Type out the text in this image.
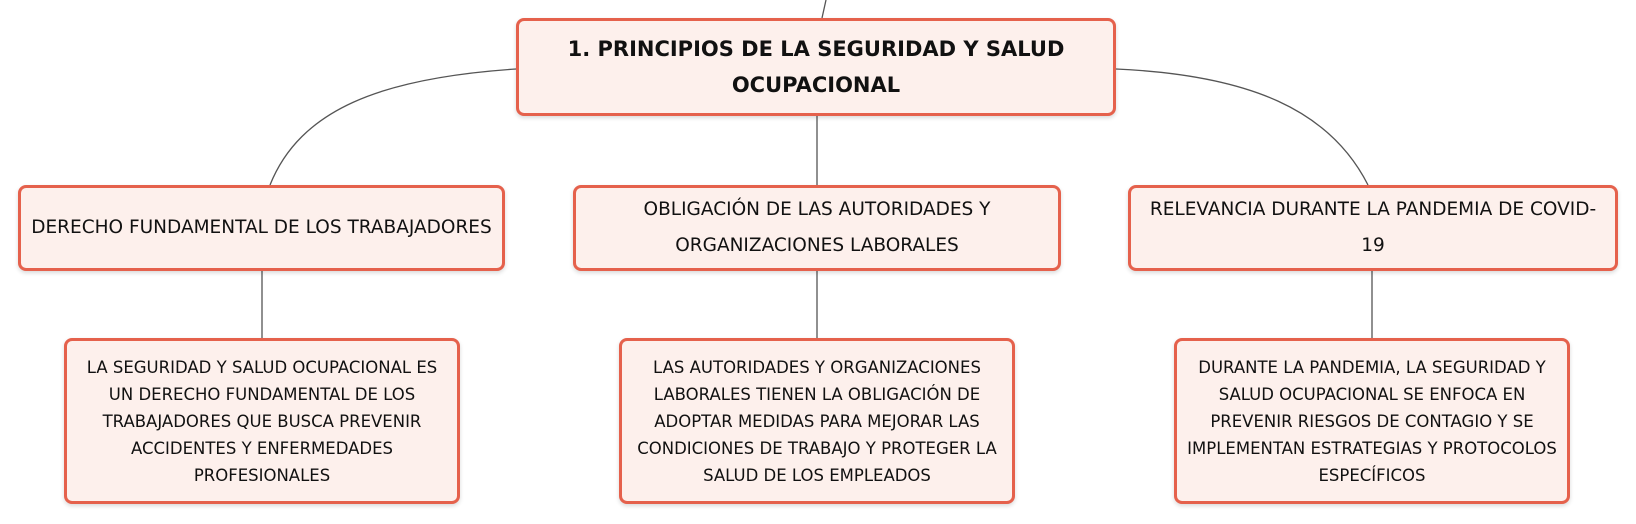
1. PRINCIPIOS DE LA SEGURIDAD Y SALUD
OCUPACIONAL
DERECHO FUNDAMENTAL DE LOS TRABAJADORES
OBLIGACIÓN DE LAS AUTORIDADES Y
ORGANIZACIONES LABORALES
RELEVANCIA DURANTE LA PANDEMIA DE COVID-19
LA SEGURIDAD Y SALUD OCUPACIONAL ES
UN DERECHO FUNDAMENTAL DE LOS
TRABAJADORES QUE BUSCA PREVENIR
ACCIDENTES Y ENFERMEDADES
PROFESIONALES
LAS AUTORIDADES Y ORGANIZACIONES
LABORALES TIENEN LA OBLIGACIÓN DE
ADOPTAR MEDIDAS PARA MEJORAR LAS
CONDICIONES DE TRABAJO Y PROTEGER LA
SALUD DE LOS EMPLEADOS
DURANTE LA PANDEMIA, LA SEGURIDAD Y
SALUD OCUPACIONAL SE ENFOCA EN
PREVENIR RIESGOS DE CONTAGIO Y SE
IMPLEMENTAN ESTRATEGIAS Y PROTOCOLOS
ESPECÍFICOS
